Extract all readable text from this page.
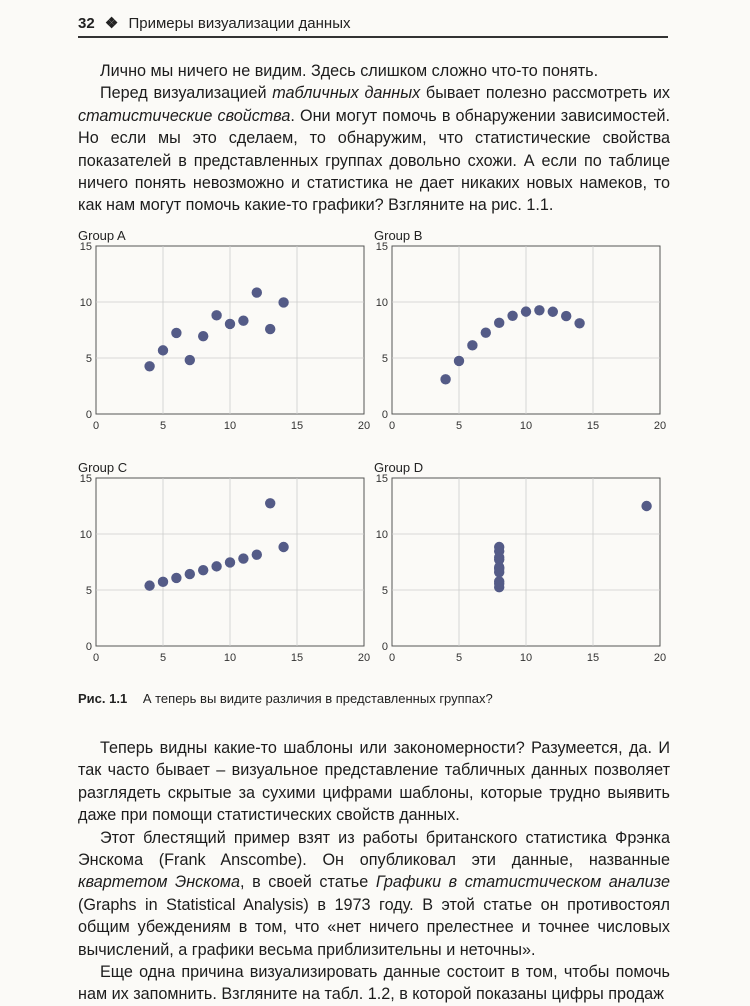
32 ❖ Примеры визуализации данных

Лично мы ничего не видим. Здесь слишком сложно что-то понять.

Перед визуализацией табличных данных бывает полезно рассмотреть их статистические свойства. Они могут помочь в обнаружении зависимостей. Но если мы это сделаем, то обнаружим, что статистические свойства показателей в представленных группах довольно схожи. А если по таблице ничего понять невозможно и статистика не дает никаких новых намеков, то как нам могут помочь какие-то графики? Взгляните на рис. 1.1.

Group A
0	5	10	15	20
0
5
10
15
Group B
0	5	10	15	20
0
5
10
15
Group C
0	5	10	15	20
0
5
10
15
Group D
0	5	10	15	20
0
5
10
15
Рис. 1.1 А теперь вы видите различия в представленных группах?

Теперь видны какие-то шаблоны или закономерности? Разумеется, да. И так часто бывает – визуальное представление табличных данных позволяет разглядеть скрытые за сухими цифрами шаблоны, которые трудно выявить даже при помощи статистических свойств данных.

Этот блестящий пример взят из работы британского статистика Фрэнка Энскома (Frank Anscombe). Он опубликовал эти данные, названные квартетом Энскома, в своей статье Графики в статистическом анализе (Graphs in Statistical Analysis) в 1973 году. В этой статье он противостоял общим убеждениям в том, что «нет ничего прелестнее и точнее числовых вычислений, а графики весьма приблизительны и неточны».

Еще одна причина визуализировать данные состоит в том, чтобы помочь нам их запомнить. Взгляните на табл. 1.2, в которой показаны цифры продаж
